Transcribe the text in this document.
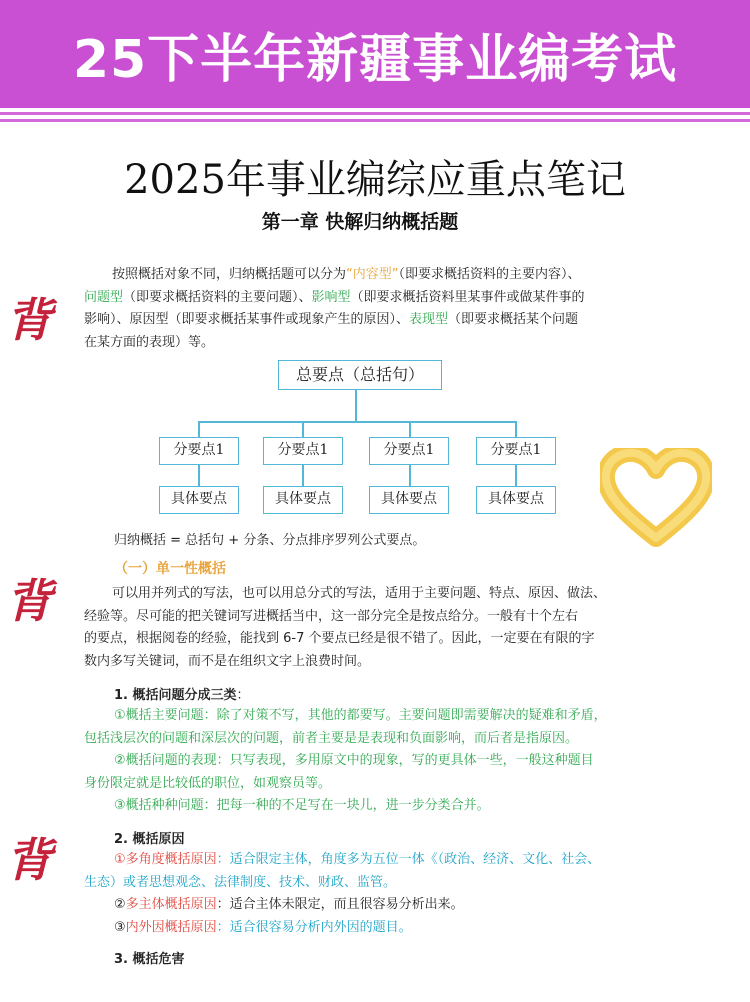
25下半年新疆事业编考试
2025年事业编综应重点笔记
第一章 快解归纳概括题
背
背
背

按照概括对象不同，归纳概括题可以分为“内容型”（即要求概括资料的主要内容）、

问题型（即要求概括资料的主要问题）、影响型（即要求概括资料里某事件或做某件事的

影响）、原因型（即要求概括某事件或现象产生的原因）、表现型（即要求概括某个问题

在某方面的表现）等。

总要点（总括句）
分要点1	分要点1	分要点1	分要点1
具体要点	具体要点	具体要点	具体要点
归纳概括 = 总括句 + 分条、分点排序罗列公式要点。
（一）单一性概括

可以用并列式的写法，也可以用总分式的写法，适用于主要问题、特点、原因、做法、

经验等。尽可能的把关键词写进概括当中，这一部分完全是按点给分。一般有十个左右

的要点，根据阅卷的经验，能找到 6-7 个要点已经是很不错了。因此，一定要在有限的字

数内多写关键词，而不是在组织文字上浪费时间。

1. 概括问题分成三类：

①概括主要问题：除了对策不写，其他的都要写。主要问题即需要解决的疑难和矛盾，

包括浅层次的问题和深层次的问题，前者主要是是表现和负面影响，而后者是指原因。

②概括问题的表现：只写表现，多用原文中的现象，写的更具体一些，一般这种题目

身份限定就是比较低的职位，如观察员等。

③概括种种问题：把每一种的不足写在一块儿，进一步分类合并。

2. 概括原因

①多角度概括原因：适合限定主体，角度多为五位一体《（政治、经济、文化、社会、

生态）或者思想观念、法律制度、技术、财政、监管。

②多主体概括原因：适合主体未限定，而且很容易分析出来。

③内外因概括原因：适合很容易分析内外因的题目。

3. 概括危害
